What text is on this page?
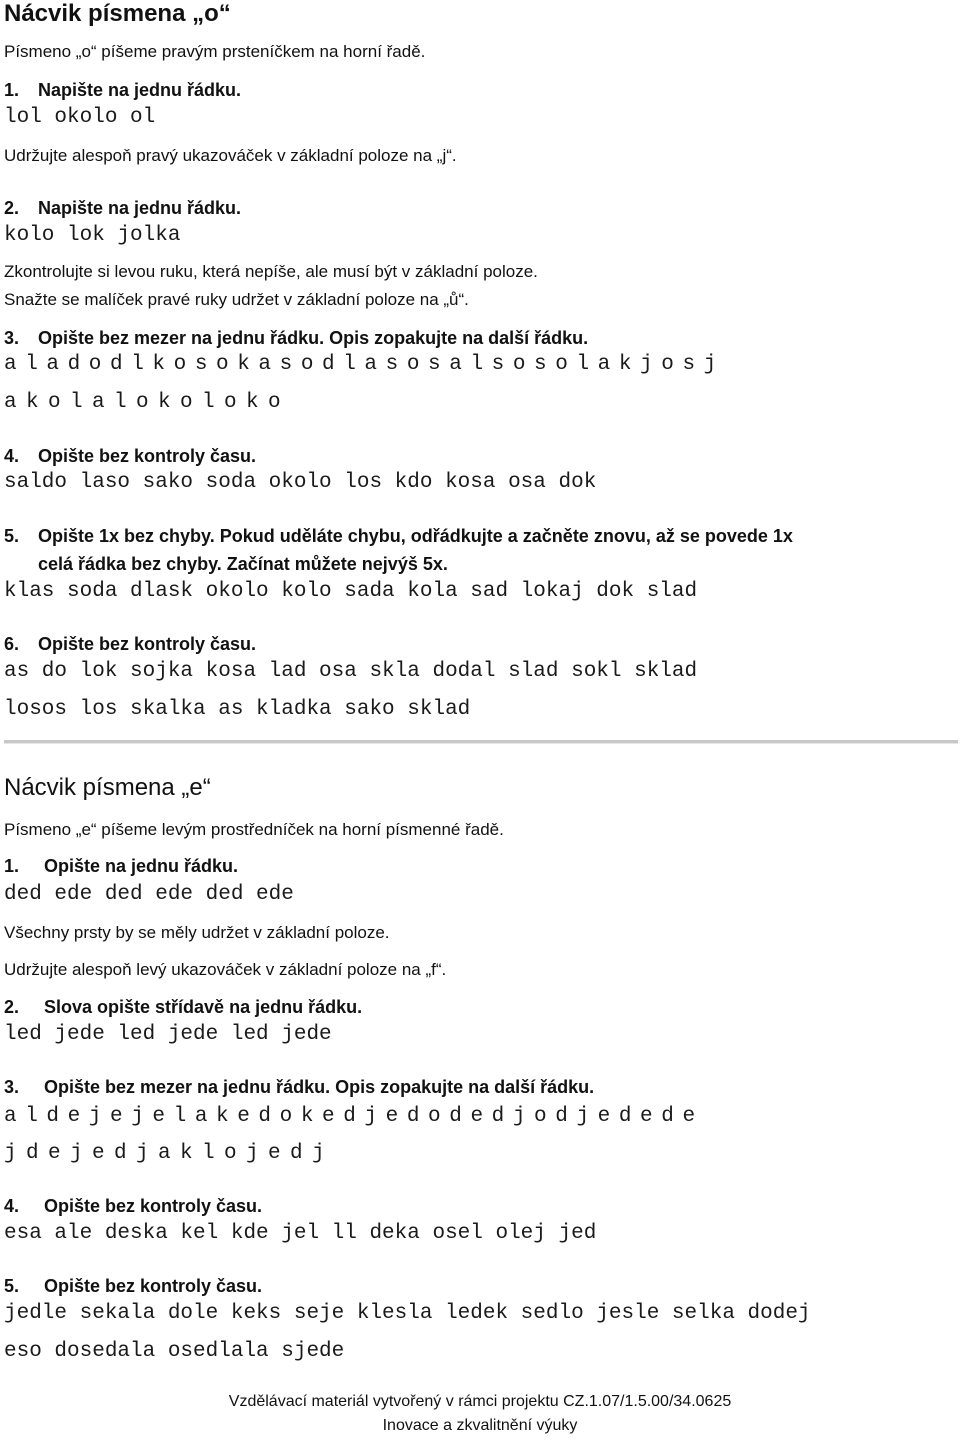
Nácvik písmena „o“
Písmeno „o“ píšeme pravým prsteníčkem na horní řadě.
1. Napište na jednu řádku.
lol okolo ol
Udržujte alespoň pravý ukazováček v základní poloze na „j“.
2. Napište na jednu řádku.
kolo lok jolka
Zkontrolujte si levou ruku, která nepíše, ale musí být v základní poloze.
Snažte se malíček pravé ruky udržet v základní poloze na „ů“.
3. Opište bez mezer na jednu řádku. Opis zopakujte na další řádku.
aladodlkosokasodlasosalsosolakjosj
akolalokoloko
4. Opište bez kontroly času.
saldo laso sako soda okolo los kdo kosa osa dok
5. Opište 1x bez chyby. Pokud uděláte chybu, odřádkujte a začněte znovu, až se povede 1x
celá řádka bez chyby. Začínat můžete nejvýš 5x.
klas soda dlask okolo kolo sada kola sad lokaj dok slad
6. Opište bez kontroly času.
as do lok sojka kosa lad osa skla dodal slad sokl sklad
losos los skalka as kladka sako sklad
Nácvik písmena „e“
Písmeno „e“ píšeme levým prostředníček na horní písmenné řadě.
1. Opište na jednu řádku.
ded ede ded ede ded ede
Všechny prsty by se měly udržet v základní poloze.
Udržujte alespoň levý ukazováček v základní poloze na „f“.
2. Slova opište střídavě na jednu řádku.
led jede led jede led jede
3. Opište bez mezer na jednu řádku. Opis zopakujte na další řádku.
aldejejelakedokedjedodedjodjedede
jdejedjaklojedj
4. Opište bez kontroly času.
esa ale deska kel kde jel ll deka osel olej jed
5. Opište bez kontroly času.
jedle sekala dole keks seje klesla ledek sedlo jesle selka dodej
eso dosedala osedlala sjede
Vzdělávací materiál vytvořený v rámci projektu CZ.1.07/1.5.00/34.0625
Inovace a zkvalitnění výuky
